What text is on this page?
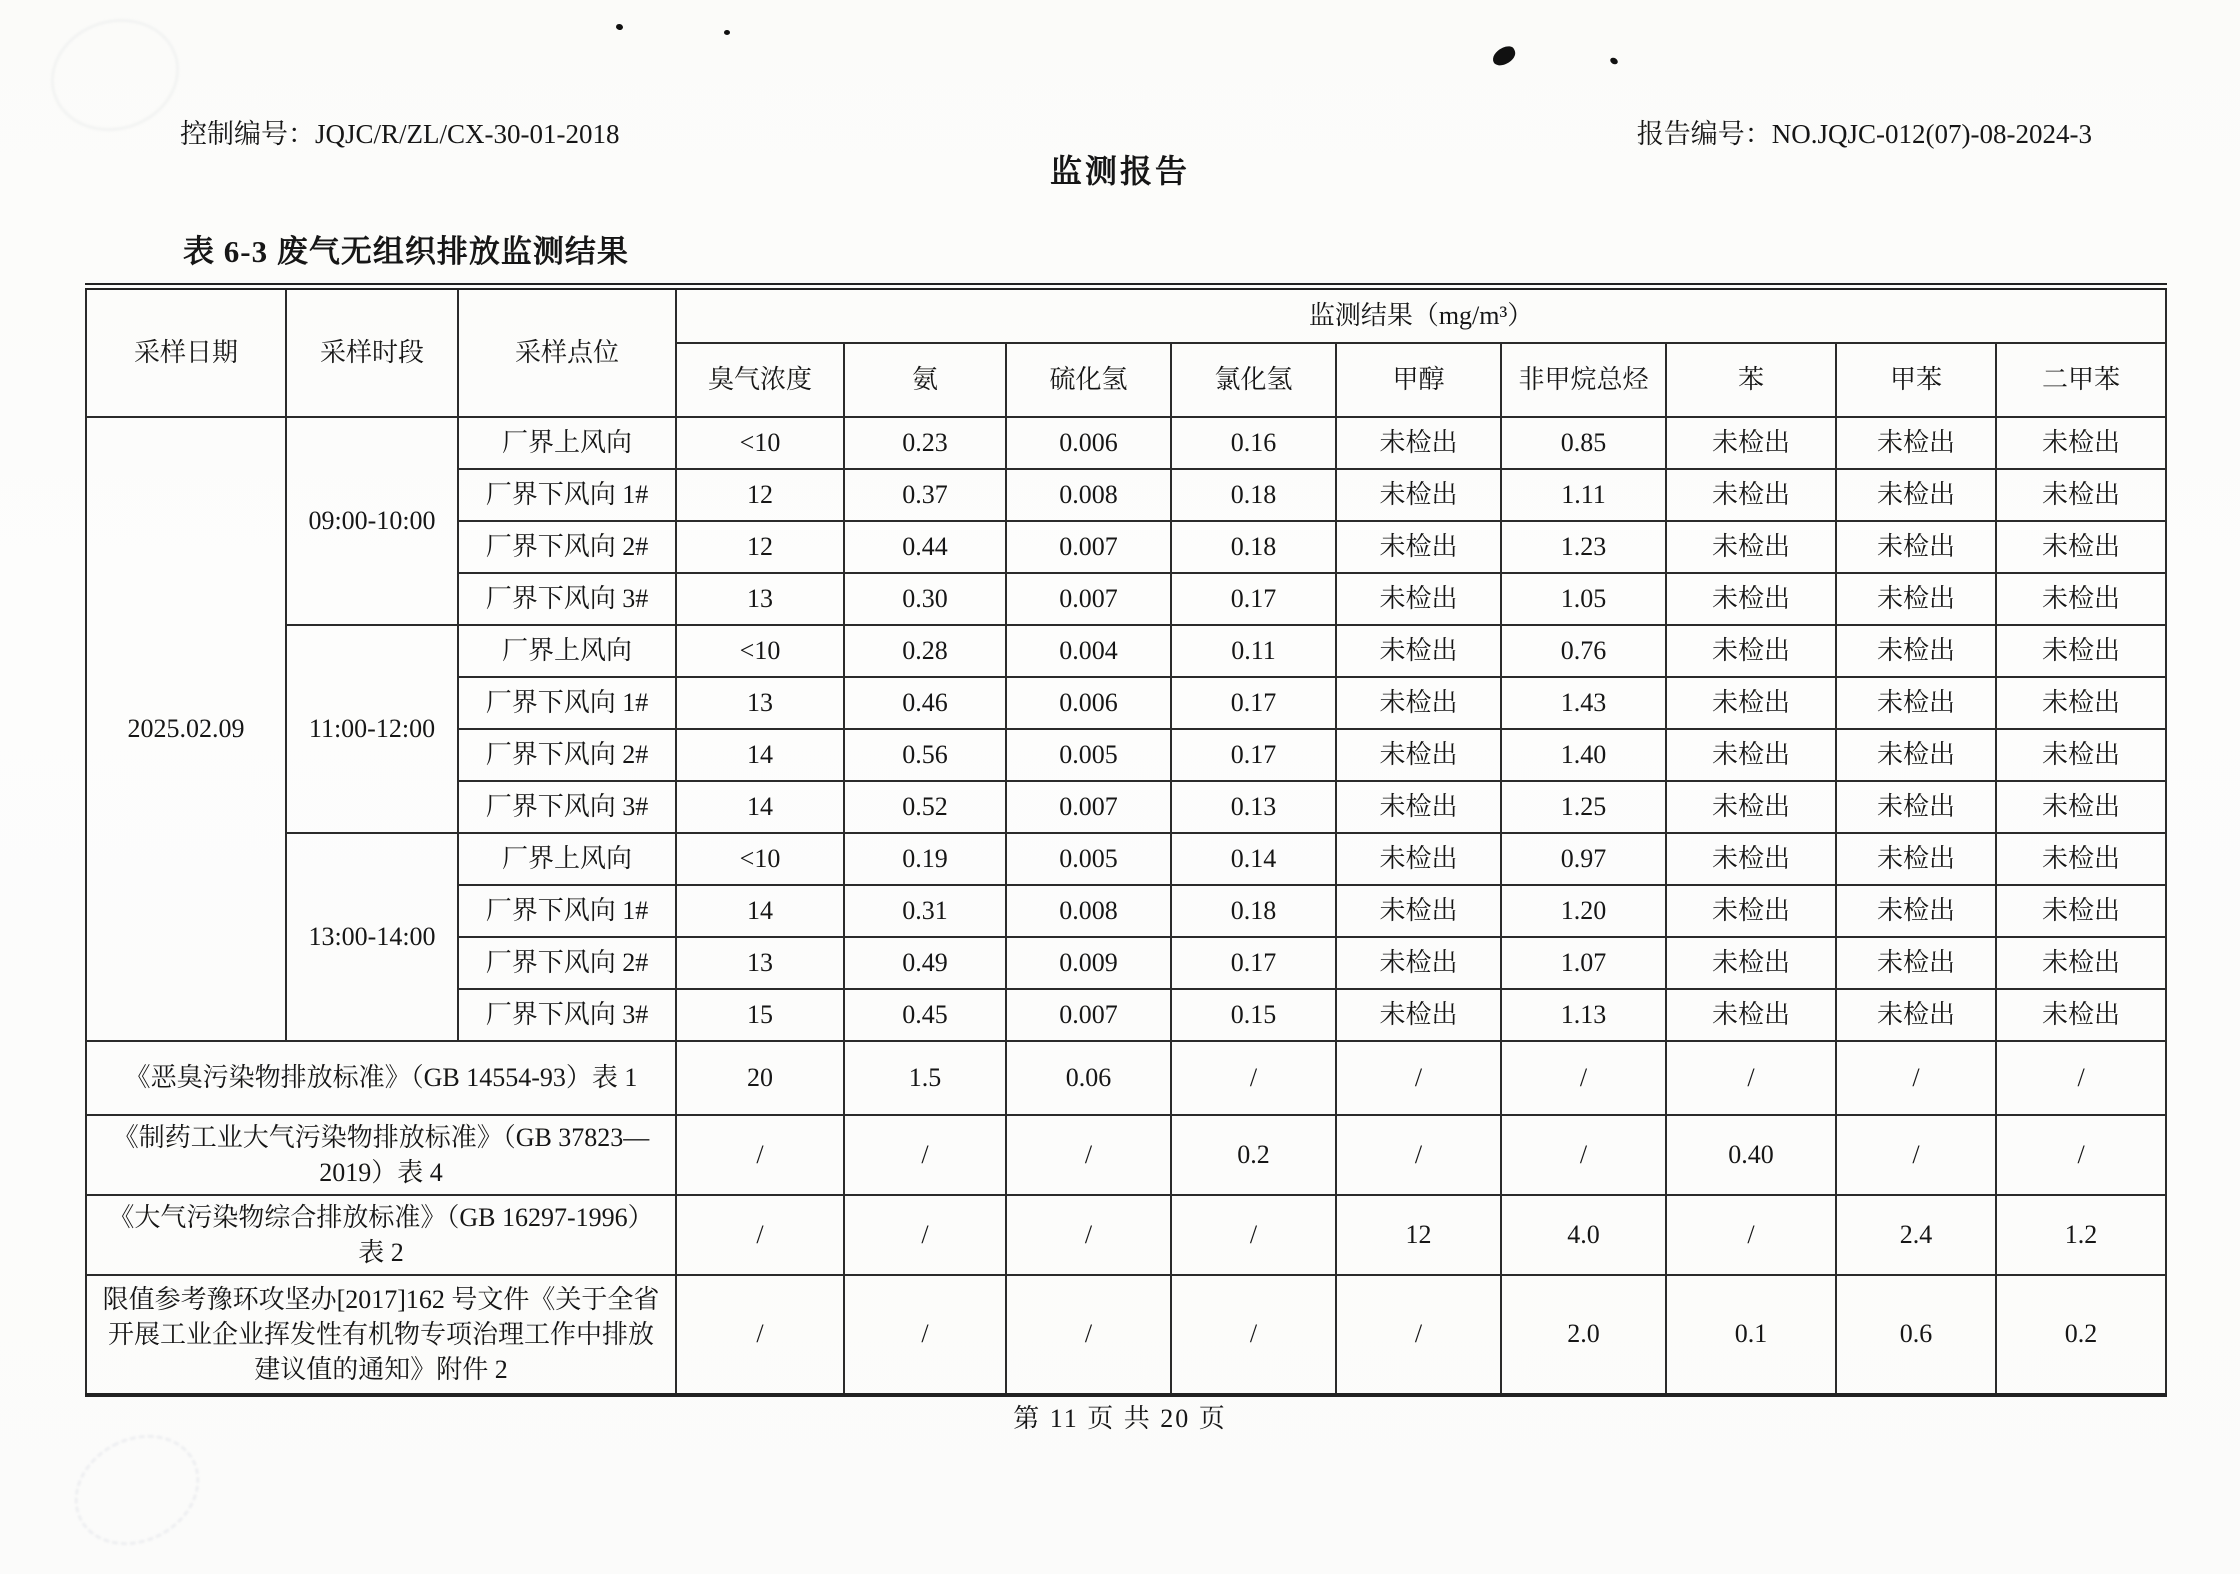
控制编号：JQJC/R/ZL/CX-30-01-2018	报告编号：NO.JQJC-012(07)-08-2024-3
监测报告
表 6-3 废气无组织排放监测结果
采样日期	采样时段	采样点位	监测结果（mg/m³）								
			臭气浓度	氨	硫化氢	氯化氢	甲醇	非甲烷总烃	苯	甲苯	二甲苯
2025.02.09	09:00-10:00	厂界上风向	<10	0.23	0.006	0.16	未检出	0.85	未检出	未检出	未检出
		厂界下风向 1#	12	0.37	0.008	0.18	未检出	1.11	未检出	未检出	未检出
		厂界下风向 2#	12	0.44	0.007	0.18	未检出	1.23	未检出	未检出	未检出
		厂界下风向 3#	13	0.30	0.007	0.17	未检出	1.05	未检出	未检出	未检出
	11:00-12:00	厂界上风向	<10	0.28	0.004	0.11	未检出	0.76	未检出	未检出	未检出
		厂界下风向 1#	13	0.46	0.006	0.17	未检出	1.43	未检出	未检出	未检出
		厂界下风向 2#	14	0.56	0.005	0.17	未检出	1.40	未检出	未检出	未检出
		厂界下风向 3#	14	0.52	0.007	0.13	未检出	1.25	未检出	未检出	未检出
	13:00-14:00	厂界上风向	<10	0.19	0.005	0.14	未检出	0.97	未检出	未检出	未检出
		厂界下风向 1#	14	0.31	0.008	0.18	未检出	1.20	未检出	未检出	未检出
		厂界下风向 2#	13	0.49	0.009	0.17	未检出	1.07	未检出	未检出	未检出
		厂界下风向 3#	15	0.45	0.007	0.15	未检出	1.13	未检出	未检出	未检出
《恶臭污染物排放标准》（GB 14554-93）表 1			20	1.5	0.06	/	/	/	/	/	/
《制药工业大气污染物排放标准》（GB 37823—2019）表 4			/	/	/	0.2	/	/	0.40	/	/
《大气污染物综合排放标准》（GB 16297-1996）表 2			/	/	/	/	12	4.0	/	2.4	1.2
限值参考豫环攻坚办[2017]162 号文件《关于全省开展工业企业挥发性有机物专项治理工作中排放建议值的通知》附件 2			/	/	/	/	/	2.0	0.1	0.6	0.2
第 11 页 共 20 页
